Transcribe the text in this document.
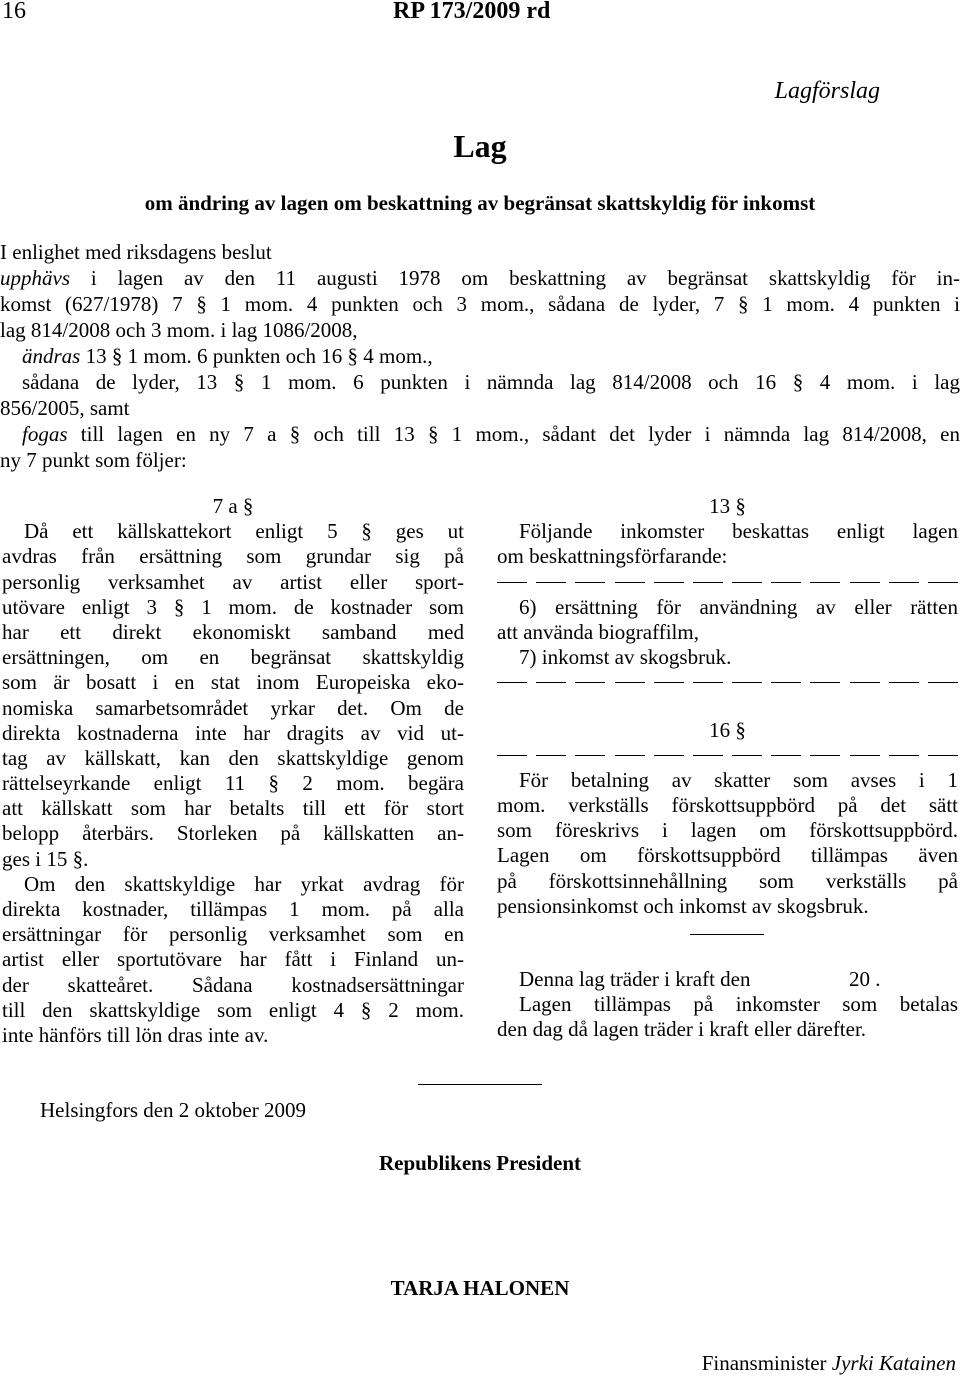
16	RP 173/2009 rd
Lagförslag
Lag
om ändring av lagen om beskattning av begränsat skattskyldig för inkomst
I enlighet med riksdagens beslut
upphävs i lagen av den 11 augusti 1978 om beskattning av begränsat skattskyldig för in-
komst (627/1978) 7 § 1 mom. 4 punkten och 3 mom., sådana de lyder, 7 § 1 mom. 4 punkten i
lag 814/2008 och 3 mom. i lag 1086/2008,
ändras 13 § 1 mom. 6 punkten och 16 § 4 mom.,
sådana de lyder, 13 § 1 mom. 6 punkten i nämnda lag 814/2008 och 16 § 4 mom. i lag
856/2005, samt
fogas till lagen en ny 7 a § och till 13 § 1 mom., sådant det lyder i nämnda lag 814/2008, en
ny 7 punkt som följer:
7 a §
Då ett källskattekort enligt 5 § ges ut
avdras från ersättning som grundar sig på
personlig verksamhet av artist eller sport-
utövare enligt 3 § 1 mom. de kostnader som
har ett direkt ekonomiskt samband med
ersättningen, om en begränsat skattskyldig
som är bosatt i en stat inom Europeiska eko-
nomiska samarbetsområdet yrkar det. Om de
direkta kostnaderna inte har dragits av vid ut-
tag av källskatt, kan den skattskyldige genom
rättelseyrkande enligt 11 § 2 mom. begära
att källskatt som har betalts till ett för stort
belopp återbärs. Storleken på källskatten an-
ges i 15 §.
Om den skattskyldige har yrkat avdrag för
direkta kostnader, tillämpas 1 mom. på alla
ersättningar för personlig verksamhet som en
artist eller sportutövare har fått i Finland un-
der skatteåret. Sådana kostnadsersättningar
till den skattskyldige som enligt 4 § 2 mom.
inte hänförs till lön dras inte av.
13 §
Följande inkomster beskattas enligt lagen
om beskattningsförfarande:
6) ersättning för användning av eller rätten
att använda biograffilm,
7) inkomst av skogsbruk.
16 §
För betalning av skatter som avses i 1
mom. verkställs förskottsuppbörd på det sätt
som föreskrivs i lagen om förskottsuppbörd.
Lagen om förskottsuppbörd tillämpas även
på förskottsinnehållning som verkställs på
pensionsinkomst och inkomst av skogsbruk.
Denna lag träder i kraft den	20 .
Lagen tillämpas på inkomster som betalas
den dag då lagen träder i kraft eller därefter.
Helsingfors den 2 oktober 2009
Republikens President
TARJA HALONEN
Finansminister Jyrki Katainen
